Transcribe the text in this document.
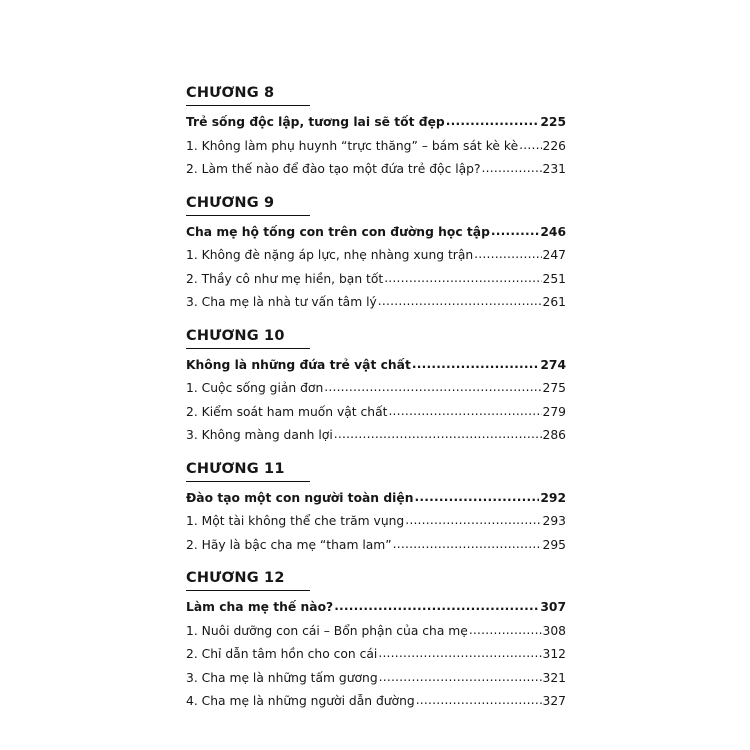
CHƯƠNG 8
Trẻ sống độc lập, tương lai sẽ tốt đẹp .....	225
1. Không làm phụ huynh “trực thăng” – bám sát kè kè ..... 226
2. Làm thế nào để đào tạo một đứa trẻ độc lập? .....	231
CHƯƠNG 9
Cha mẹ hộ tống con trên con đường học tập .....	246
1. Không đè nặng áp lực, nhẹ nhàng xung trận .....	247
2. Thầy cô như mẹ hiền, bạn tốt .....	251
3. Cha mẹ là nhà tư vấn tâm lý .....	261
CHƯƠNG 10
Không là những đứa trẻ vật chất .....	274
1. Cuộc sống giản đơn .....	275
2. Kiểm soát ham muốn vật chất .....	279
3. Không màng danh lợi .....	286
CHƯƠNG 11
Đào tạo một con người toàn diện .....	292
1. Một tài không thể che trăm vụng .....	293
2. Hãy là bậc cha mẹ “tham lam” .....	295
CHƯƠNG 12
Làm cha mẹ thế nào? .....	307
1. Nuôi dưỡng con cái – Bổn phận của cha mẹ .....	308
2. Chỉ dẫn tâm hồn cho con cái .....	312
3. Cha mẹ là những tấm gương .....	321
4. Cha mẹ là những người dẫn đường .....	327
